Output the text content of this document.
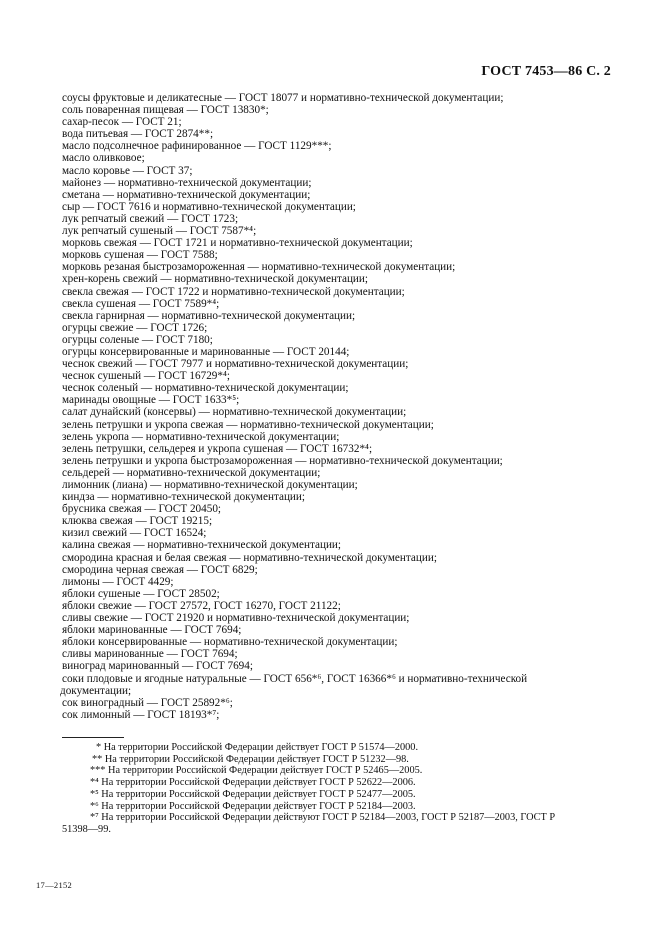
ГОСТ 7453—86 С. 2
соусы фруктовые и деликатесные — ГОСТ 18077 и нормативно-технической документации;
соль поваренная пищевая — ГОСТ 13830*;
сахар-песок — ГОСТ 21;
вода питьевая — ГОСТ 2874**;
масло подсолнечное рафинированное — ГОСТ 1129***;
масло оливковое;
масло коровье — ГОСТ 37;
майонез — нормативно-технической документации;
сметана — нормативно-технической документации;
сыр — ГОСТ 7616 и нормативно-технической документации;
лук репчатый свежий — ГОСТ 1723;
лук репчатый сушеный — ГОСТ 7587*⁴;
морковь свежая — ГОСТ 1721 и нормативно-технической документации;
морковь сушеная — ГОСТ 7588;
морковь резаная быстрозамороженная — нормативно-технической документации;
хрен-корень свежий — нормативно-технической документации;
свекла свежая — ГОСТ 1722 и нормативно-технической документации;
свекла сушеная — ГОСТ 7589*⁴;
свекла гарнирная — нормативно-технической документации;
огурцы свежие — ГОСТ 1726;
огурцы соленые — ГОСТ 7180;
огурцы консервированные и маринованные — ГОСТ 20144;
чеснок свежий — ГОСТ 7977 и нормативно-технической документации;
чеснок сушеный — ГОСТ 16729*⁴;
чеснок соленый — нормативно-технической документации;
маринады овощные — ГОСТ 1633*⁵;
салат дунайский (консервы) — нормативно-технической документации;
зелень петрушки и укропа свежая — нормативно-технической документации;
зелень укропа — нормативно-технической документации;
зелень петрушки, сельдерея и укропа сушеная — ГОСТ 16732*⁴;
зелень петрушки и укропа быстрозамороженная — нормативно-технической документации;
сельдерей — нормативно-технической документации;
лимонник (лиана) — нормативно-технической документации;
киндза — нормативно-технической документации;
брусника свежая — ГОСТ 20450;
клюква свежая — ГОСТ 19215;
кизил свежий — ГОСТ 16524;
калина свежая — нормативно-технической документации;
смородина красная и белая свежая — нормативно-технической документации;
смородина черная свежая — ГОСТ 6829;
лимоны — ГОСТ 4429;
яблоки сушеные — ГОСТ 28502;
яблоки свежие — ГОСТ 27572, ГОСТ 16270, ГОСТ 21122;
сливы свежие — ГОСТ 21920 и нормативно-технической документации;
яблоки маринованные — ГОСТ 7694;
яблоки консервированные — нормативно-технической документации;
сливы маринованные — ГОСТ 7694;
виноград маринованный — ГОСТ 7694;
соки плодовые и ягодные натуральные — ГОСТ 656*⁶, ГОСТ 16366*⁶ и нормативно-технической
документации;
сок виноградный — ГОСТ 25892*⁶;
сок лимонный — ГОСТ 18193*⁷;
* На территории Российской Федерации действует ГОСТ Р 51574—2000.
** На территории Российской Федерации действует ГОСТ Р 51232—98.
*** На территории Российской Федерации действует ГОСТ Р 52465—2005.
*⁴ На территории Российской Федерации действует ГОСТ Р 52622—2006.
*⁵ На территории Российской Федерации действует ГОСТ Р 52477—2005.
*⁶ На территории Российской Федерации действует ГОСТ Р 52184—2003.
*⁷ На территории Российской Федерации действуют ГОСТ Р 52184—2003, ГОСТ Р 52187—2003, ГОСТ Р
51398—99.
17—2152
